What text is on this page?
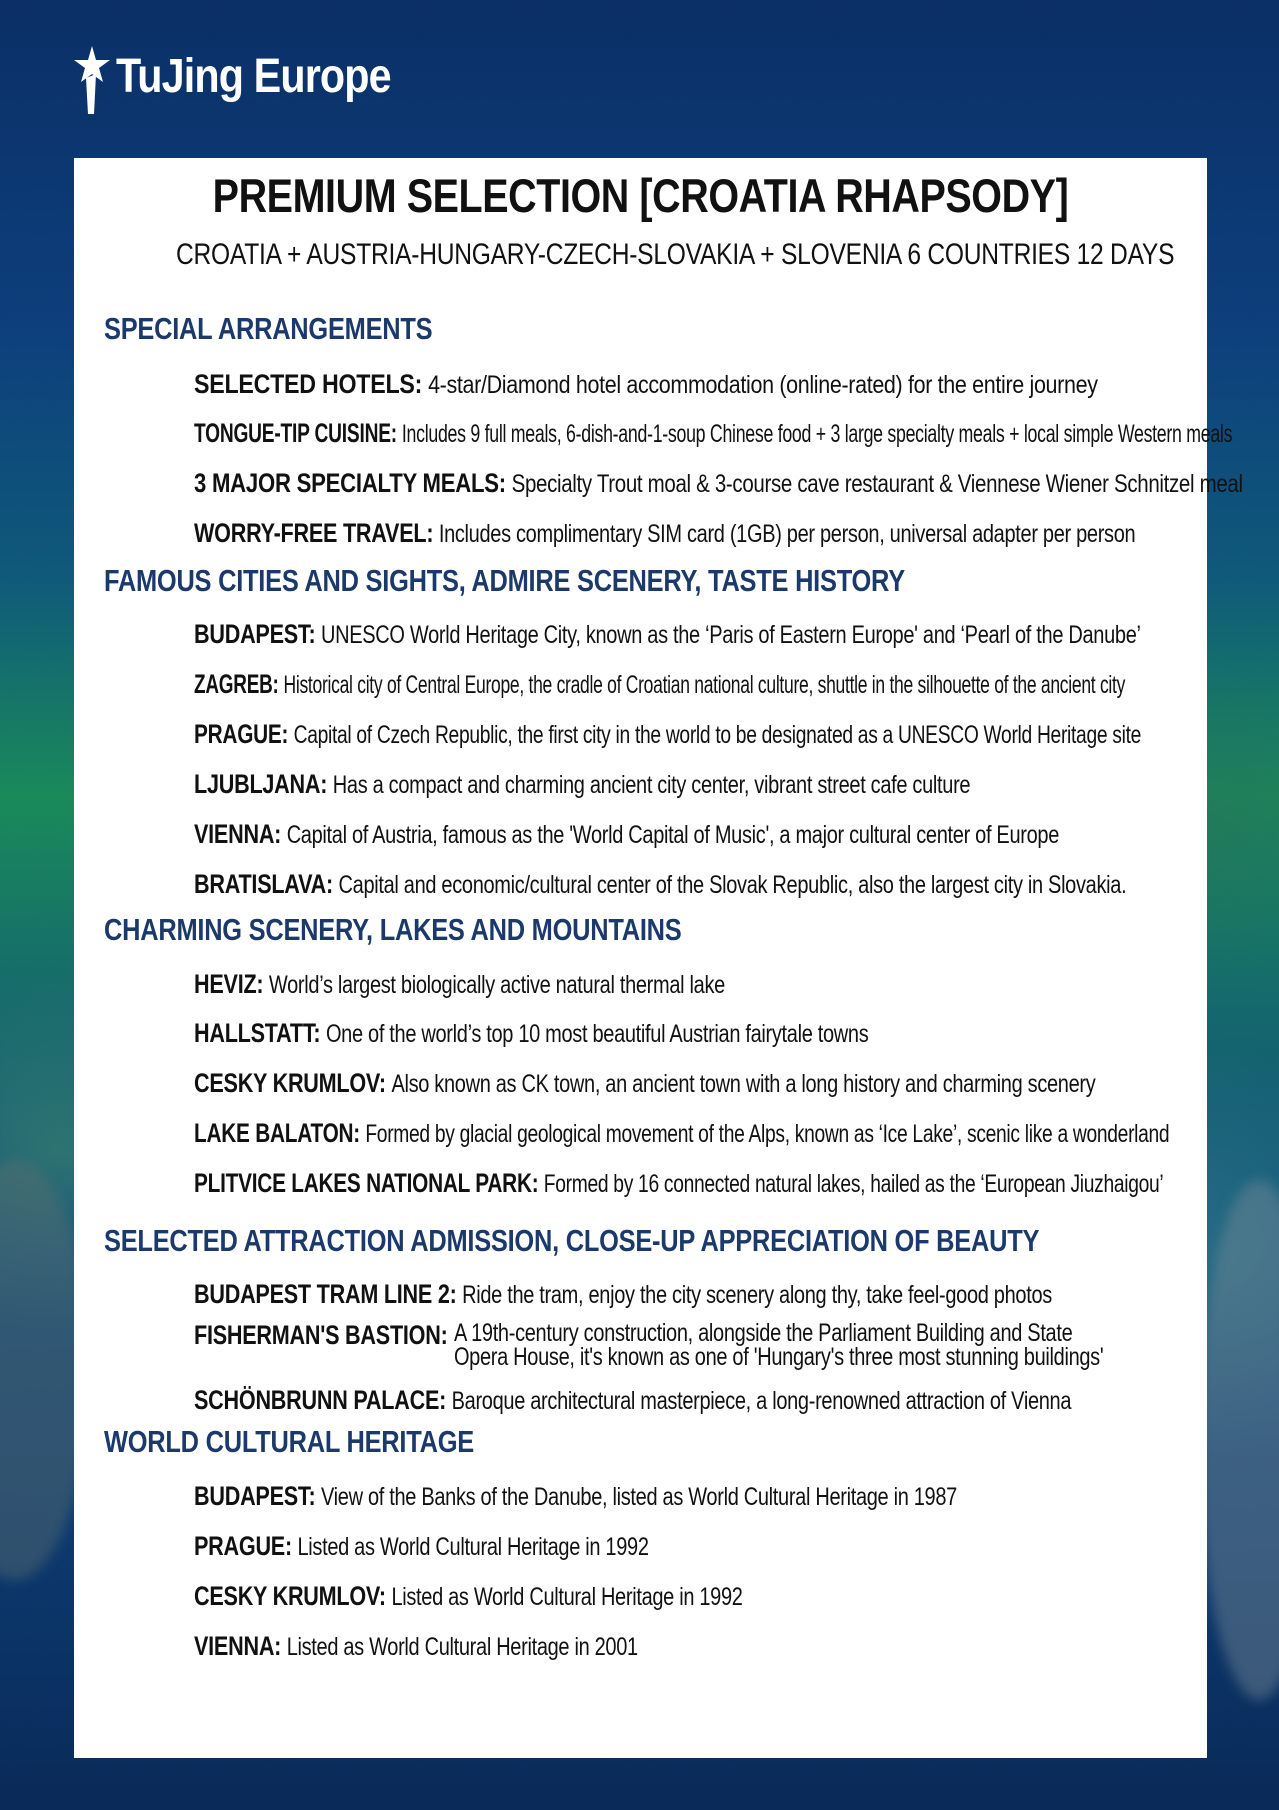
TuJing Europe
PREMIUM SELECTION [CROATIA RHAPSODY]
CROATIA + AUSTRIA-HUNGARY-CZECH-SLOVAKIA + SLOVENIA 6 COUNTRIES 12 DAYS
SPECIAL ARRANGEMENTS
SELECTED HOTELS: 4-star/Diamond hotel accommodation (online-rated) for the entire journey
TONGUE-TIP CUISINE: Includes 9 full meals, 6-dish-and-1-soup Chinese food + 3 large specialty meals + local simple Western meals
3 MAJOR SPECIALTY MEALS: Specialty Trout moal & 3-course cave restaurant & Viennese Wiener Schnitzel meal
WORRY-FREE TRAVEL: Includes complimentary SIM card (1GB) per person, universal adapter per person
FAMOUS CITIES AND SIGHTS, ADMIRE SCENERY, TASTE HISTORY
BUDAPEST: UNESCO World Heritage City, known as the ‘Paris of Eastern Europe' and ‘Pearl of the Danube’
ZAGREB: Historical city of Central Europe, the cradle of Croatian national culture, shuttle in the silhouette of the ancient city
PRAGUE: Capital of Czech Republic, the first city in the world to be designated as a UNESCO World Heritage site
LJUBLJANA: Has a compact and charming ancient city center, vibrant street cafe culture
VIENNA: Capital of Austria, famous as the 'World Capital of Music', a major cultural center of Europe
BRATISLAVA: Capital and economic/cultural center of the Slovak Republic, also the largest city in Slovakia.
CHARMING SCENERY, LAKES AND MOUNTAINS
HEVIZ: World’s largest biologically active natural thermal lake
HALLSTATT: One of the world’s top 10 most beautiful Austrian fairytale towns
CESKY KRUMLOV: Also known as CK town, an ancient town with a long history and charming scenery
LAKE BALATON: Formed by glacial geological movement of the Alps, known as ‘Ice Lake’, scenic like a wonderland
PLITVICE LAKES NATIONAL PARK: Formed by 16 connected natural lakes, hailed as the ‘European Jiuzhaigou’
SELECTED ATTRACTION ADMISSION, CLOSE-UP APPRECIATION OF BEAUTY
BUDAPEST TRAM LINE 2: Ride the tram, enjoy the city scenery along thy, take feel-good photos
FISHERMAN'S BASTION: A 19th-century construction, alongside the Parliament Building and State Opera House, it's known as one of 'Hungary's three most stunning buildings'
SCHÖNBRUNN PALACE: Baroque architectural masterpiece, a long-renowned attraction of Vienna
WORLD CULTURAL HERITAGE
BUDAPEST: View of the Banks of the Danube, listed as World Cultural Heritage in 1987
PRAGUE: Listed as World Cultural Heritage in 1992
CESKY KRUMLOV: Listed as World Cultural Heritage in 1992
VIENNA: Listed as World Cultural Heritage in 2001
